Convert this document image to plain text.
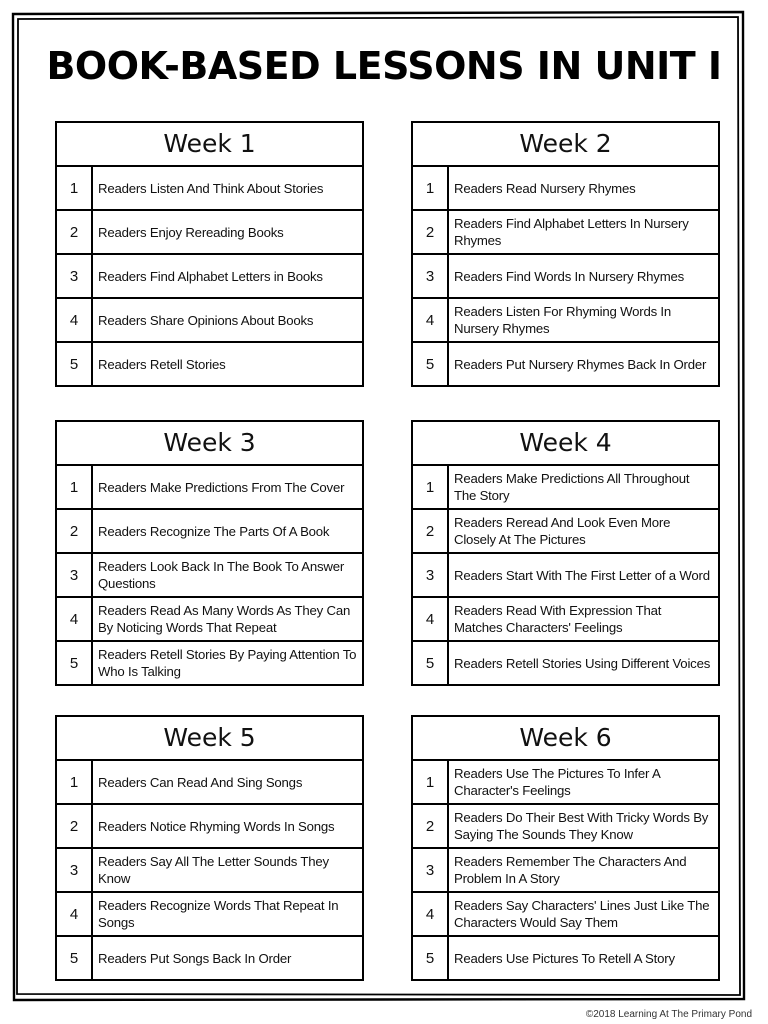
BOOK-BASED LESSONS IN UNIT I
Week 1
1	Readers Listen And Think About Stories
2	Readers Enjoy Rereading Books
3	Readers Find Alphabet Letters in Books
4	Readers Share Opinions About Books
5	Readers Retell Stories
Week 2
1	Readers Read Nursery Rhymes
2	Readers Find Alphabet Letters In Nursery Rhymes
3	Readers Find Words In Nursery Rhymes
4	Readers Listen For Rhyming Words In Nursery Rhymes
5	Readers Put Nursery Rhymes Back In Order
Week 3
1	Readers Make Predictions From The Cover
2	Readers Recognize The Parts Of A Book
3	Readers Look Back In The Book To Answer Questions
4	Readers Read As Many Words As They Can By Noticing Words That Repeat
5	Readers Retell Stories By Paying Attention To Who Is Talking
Week 4
1	Readers Make Predictions All Throughout The Story
2	Readers Reread And Look Even More Closely At The Pictures
3	Readers Start With The First Letter of a Word
4	Readers Read With Expression That Matches Characters' Feelings
5	Readers Retell Stories Using Different Voices
Week 5
1	Readers Can Read And Sing Songs
2	Readers Notice Rhyming Words In Songs
3	Readers Say All The Letter Sounds They Know
4	Readers Recognize Words That Repeat In Songs
5	Readers Put Songs Back In Order
Week 6
1	Readers Use The Pictures To Infer A Character's Feelings
2	Readers Do Their Best With Tricky Words By Saying The Sounds They Know
3	Readers Remember The Characters And Problem In A Story
4	Readers Say Characters' Lines Just Like The Characters Would Say Them
5	Readers Use Pictures To Retell A Story
©2018 Learning At The Primary Pond
